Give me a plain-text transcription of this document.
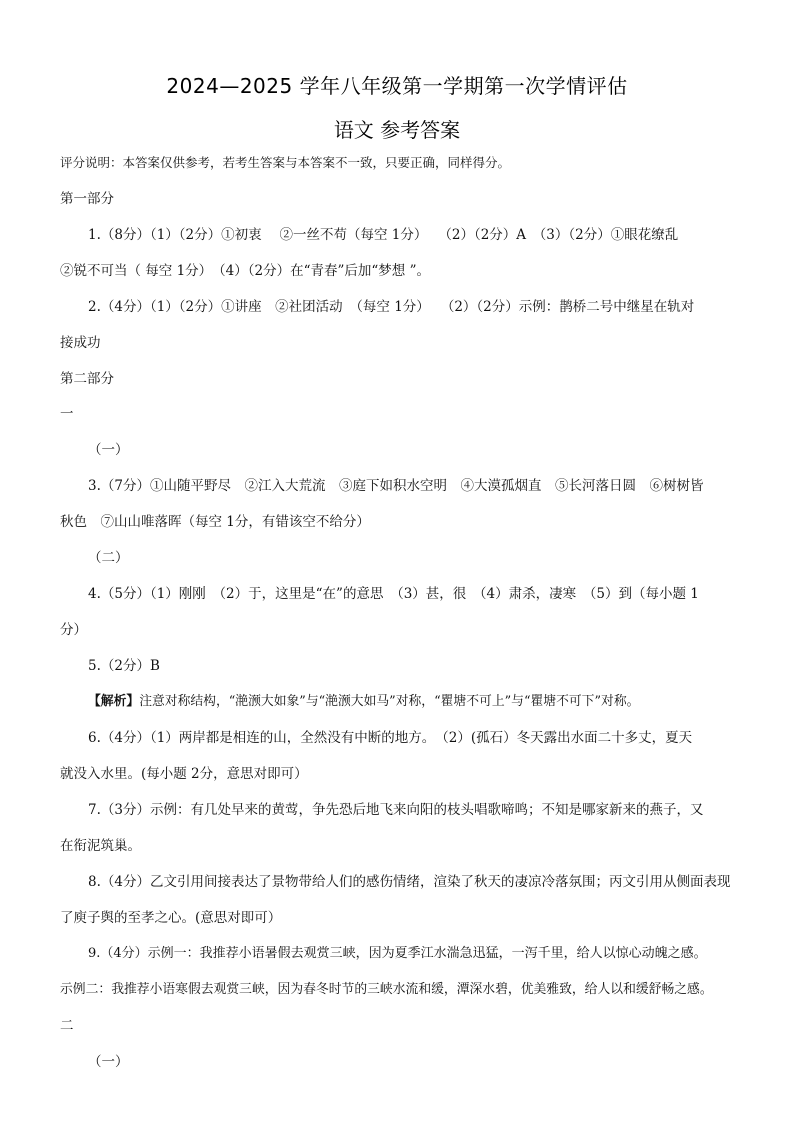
2024—2025 学年八年级第一学期第一次学情评估
语文 参考答案
评分说明：本答案仅供参考，若考生答案与本答案不一致，只要正确，同样得分。
第一部分
1.（8分）（1）（2分）①初衷　 ②一丝不苟（每空 1分）　 （2）（2分）A　（3）（2分）①眼花缭乱
②锐不可当（ 每空 1分）　（4）（2分）在“青春”后加“梦想 ”。
2.（4分）（1）（2分）①讲座　②社团活动　（每空 1分）　 （2）（2分）示例：鹊桥二号中继星在轨对
接成功
第二部分
一
（一）
3.（7分）①山随平野尽　②江入大荒流　③庭下如积水空明　④大漠孤烟直　⑤长河落日圆　⑥树树皆
秋色　⑦山山唯落晖（每空 1分，有错该空不给分）
（二）
4.（5分）（1）刚刚　（2）于，这里是“在”的意思　（3）甚，很　（4）肃杀，凄寒　（5）到（每小题 1
分）
5.（2分）B
【解析】注意对称结构，“滟滪大如象”与“滟滪大如马”对称，“瞿塘不可上”与“瞿塘不可下”对称。
6.（4分）（1）两岸都是相连的山，全然没有中断的地方。　（2）(孤石）冬天露出水面二十多丈，夏天
就没入水里。(每小题 2分，意思对即可）
7.（3分）示例：有几处早来的黄莺，争先恐后地飞来向阳的枝头唱歌啼鸣；不知是哪家新来的燕子，又
在衔泥筑巢。
8.（4分）乙文引用间接表达了景物带给人们的感伤情绪，渲染了秋天的凄凉冷落氛围；丙文引用从侧面表现
了庾子舆的至孝之心。(意思对即可）
9.（4分）示例一：我推荐小语暑假去观赏三峡，因为夏季江水湍急迅猛，一泻千里，给人以惊心动魄之感。
示例二：我推荐小语寒假去观赏三峡，因为春冬时节的三峡水流和缓，潭深水碧，优美雅致，给人以和缓舒畅之感。
二
（一）
